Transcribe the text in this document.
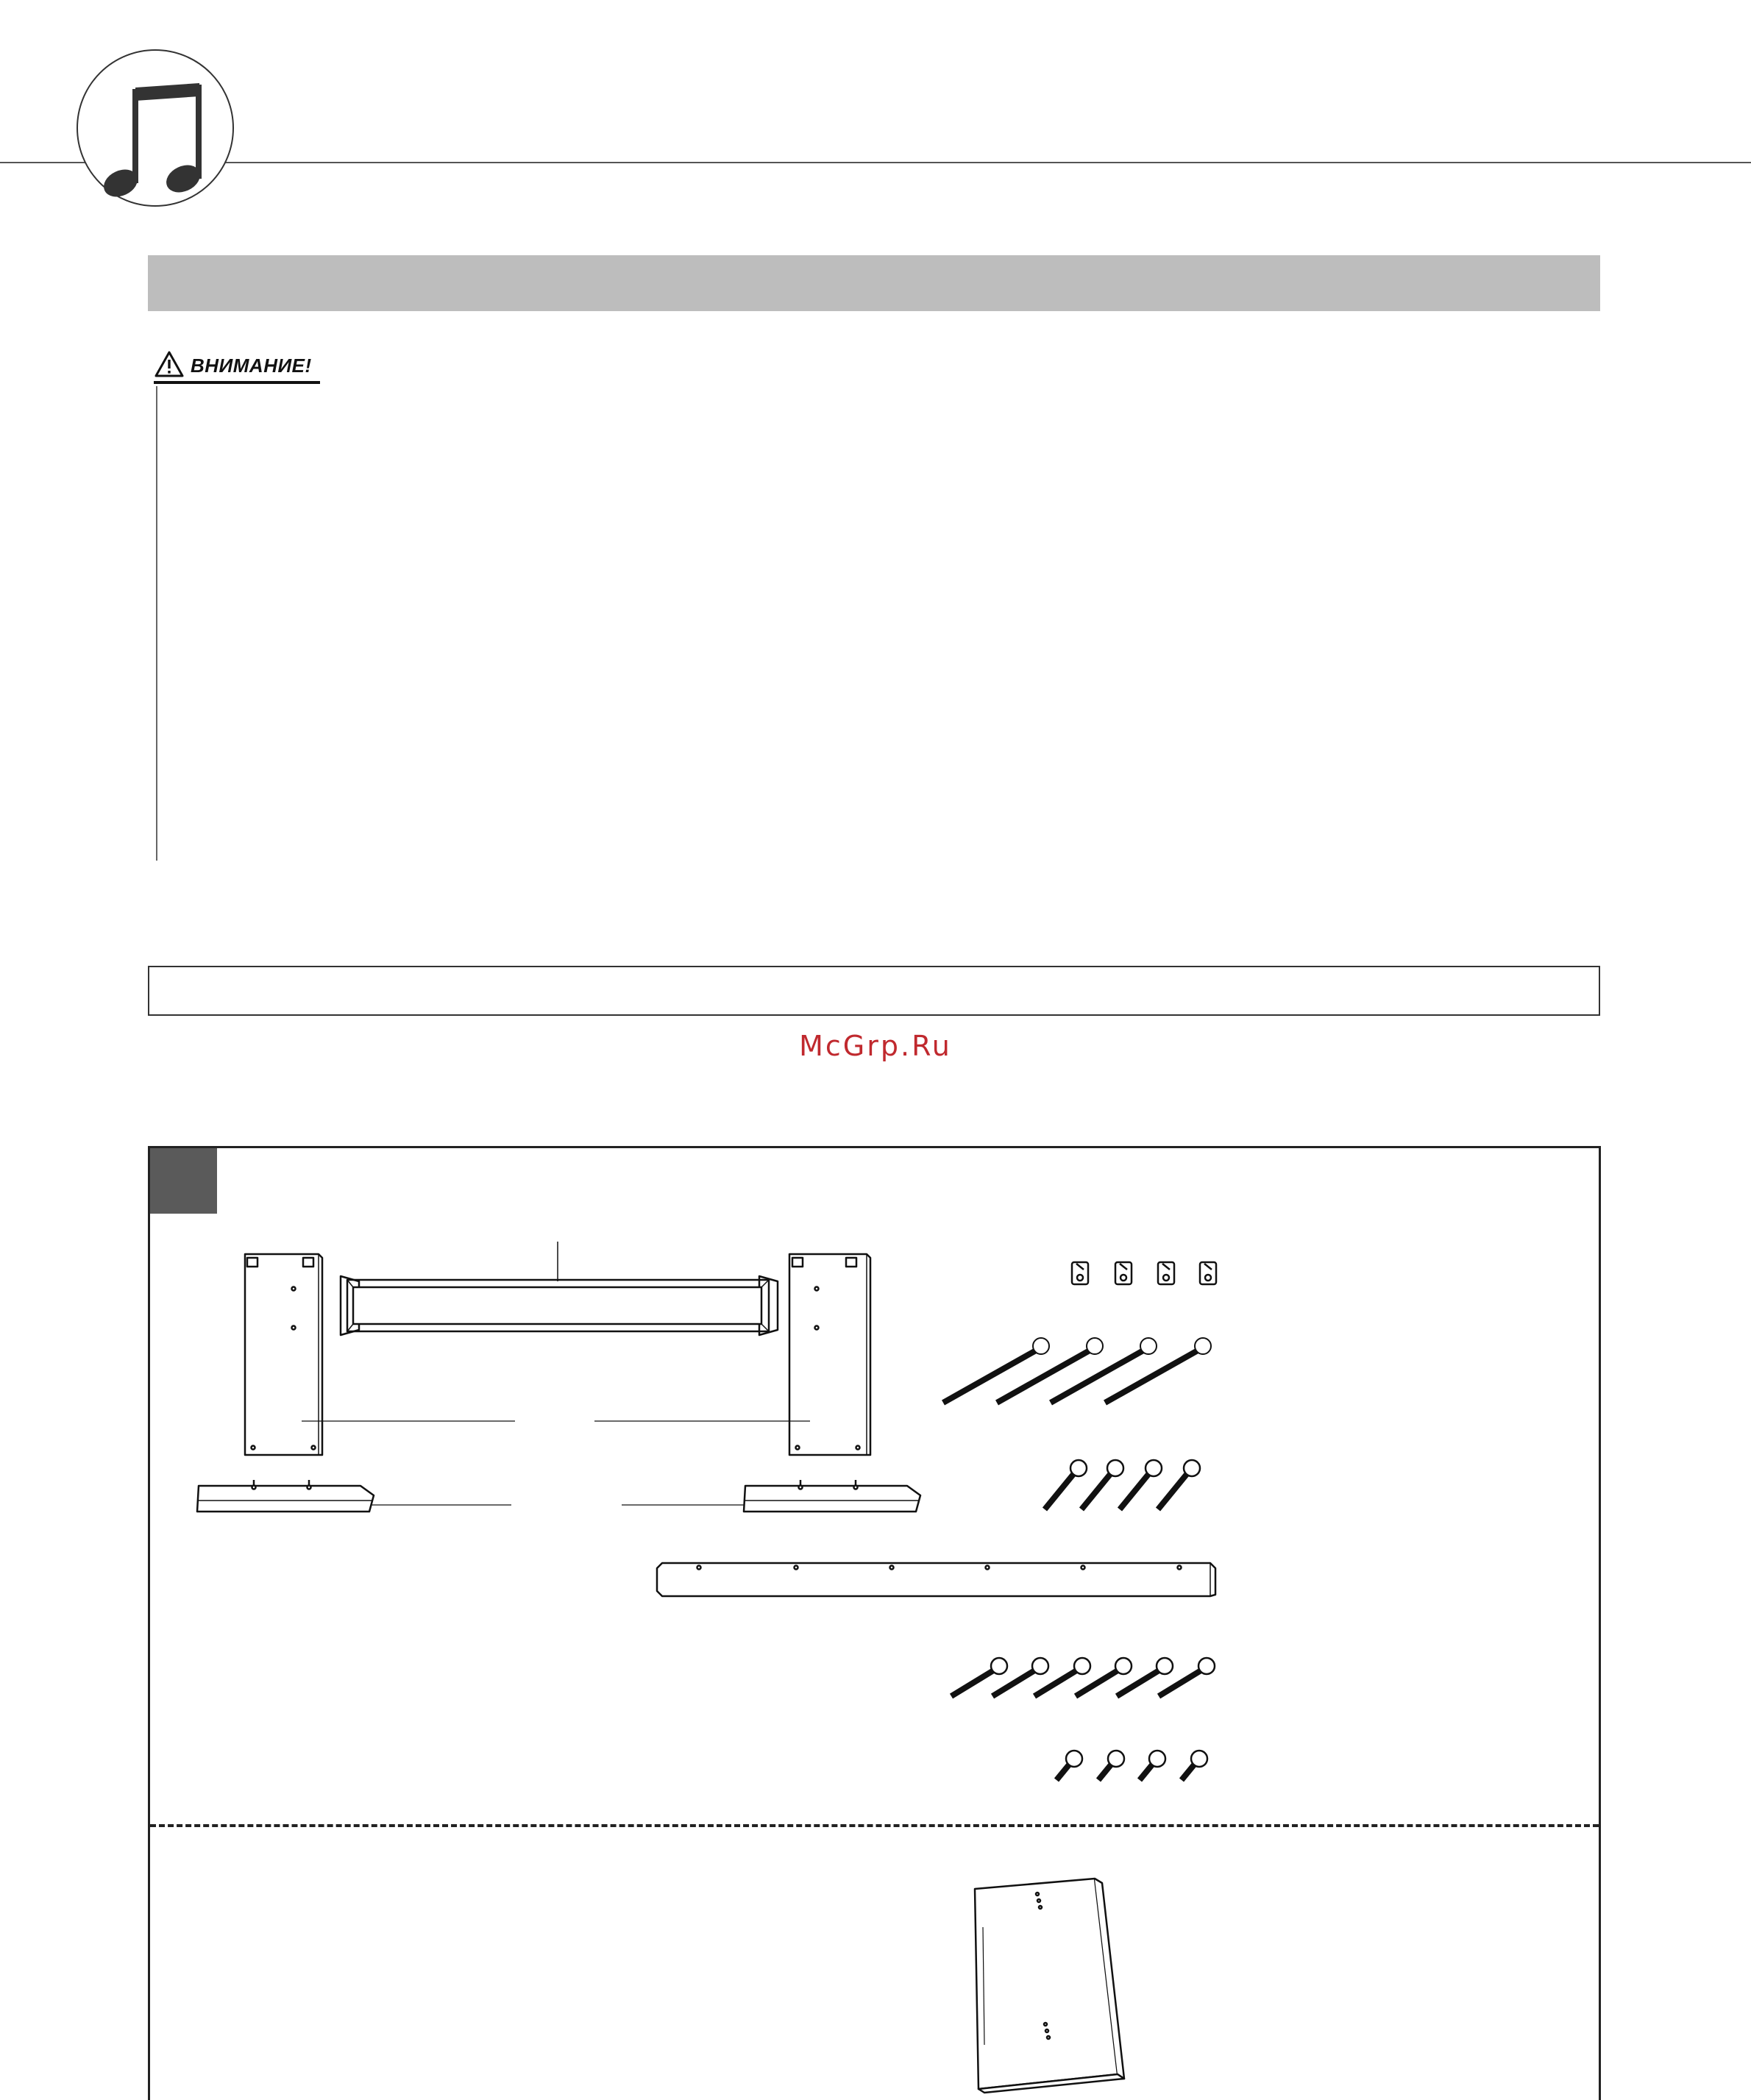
ВНИМАНИЕ!
McGrp.Ru
